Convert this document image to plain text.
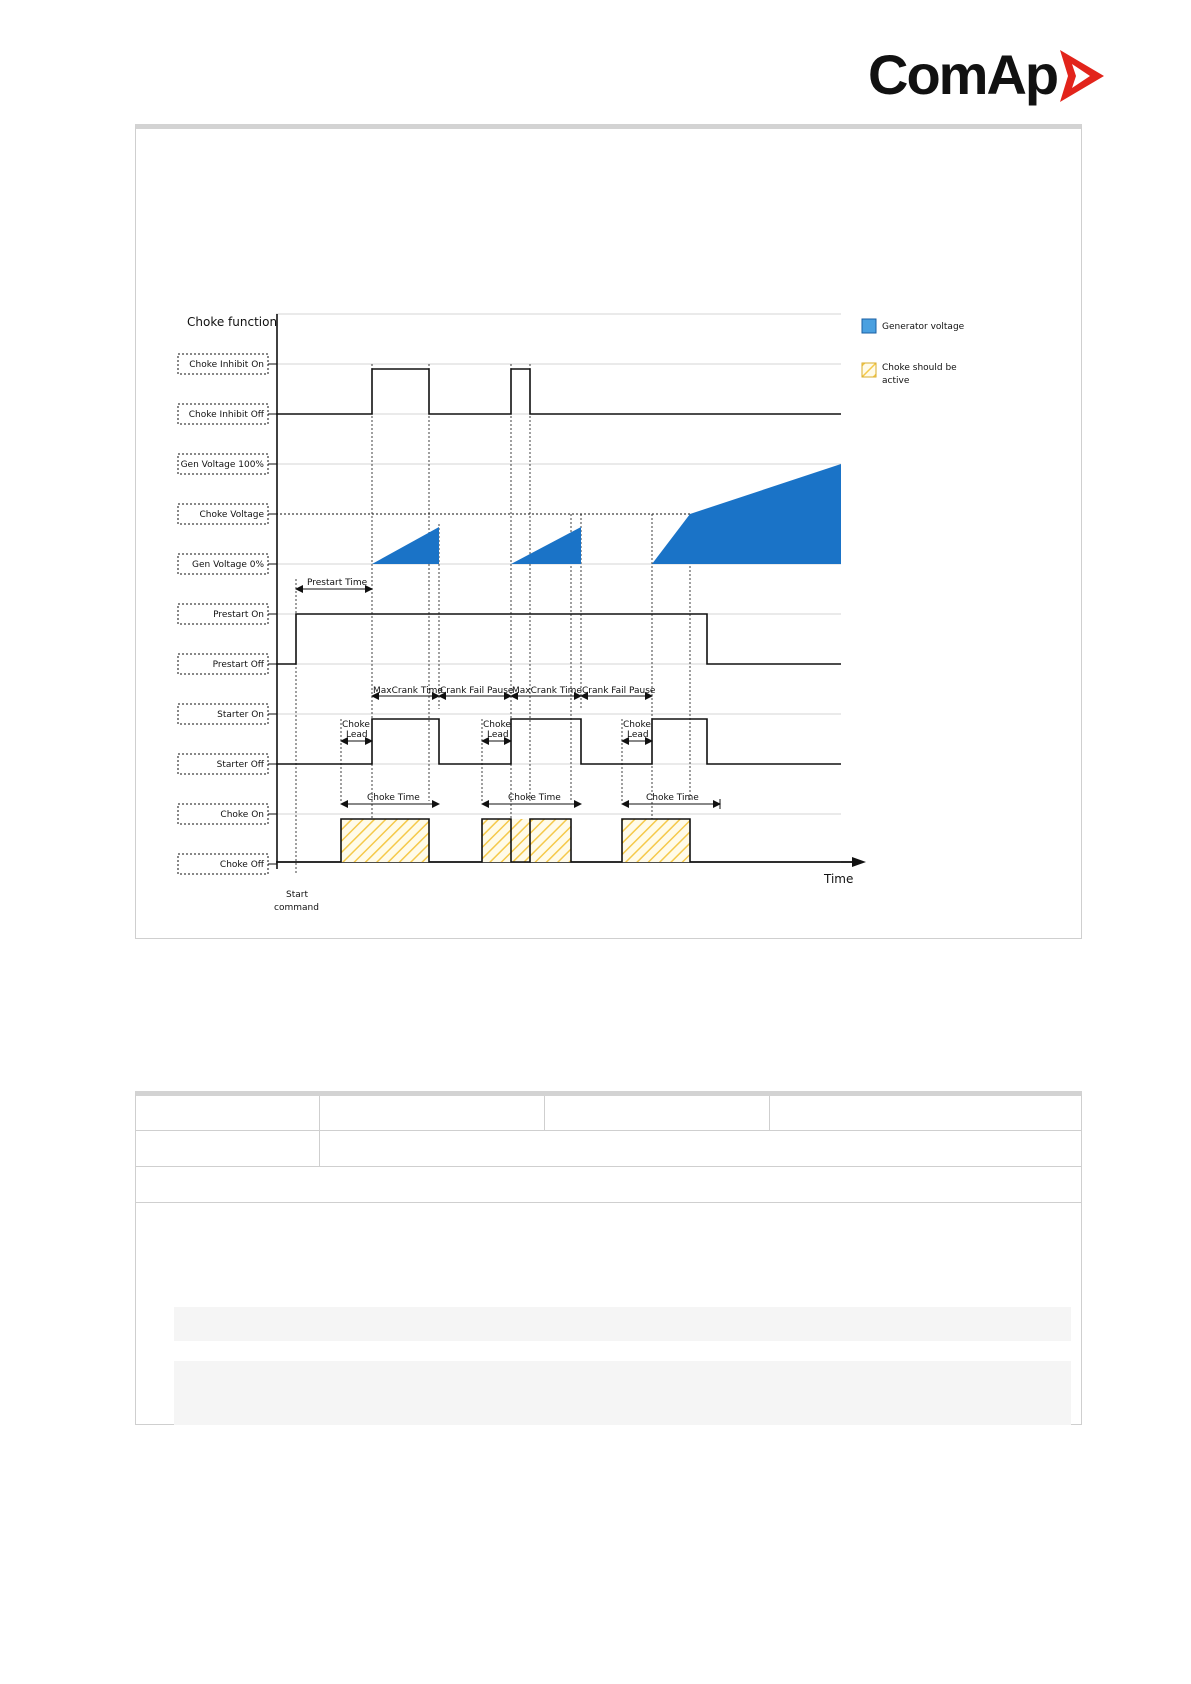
ComAp
Choke function
Choke Inhibit On
Choke Inhibit Off
Gen Voltage 100%
Choke Voltage
Gen Voltage 0%
Prestart On
Prestart Off
Starter On
Starter Off
Choke On
Choke Off
Prestart Time
MaxCrank Time
Crank Fail Pause
MaxCrank Time Crank Fail Pause
Choke
Lead
Choke
Lead
Choke
Lead
Choke Time	Choke Time	Choke Time
Time
Start
command
Generator voltage
Choke should be
active
